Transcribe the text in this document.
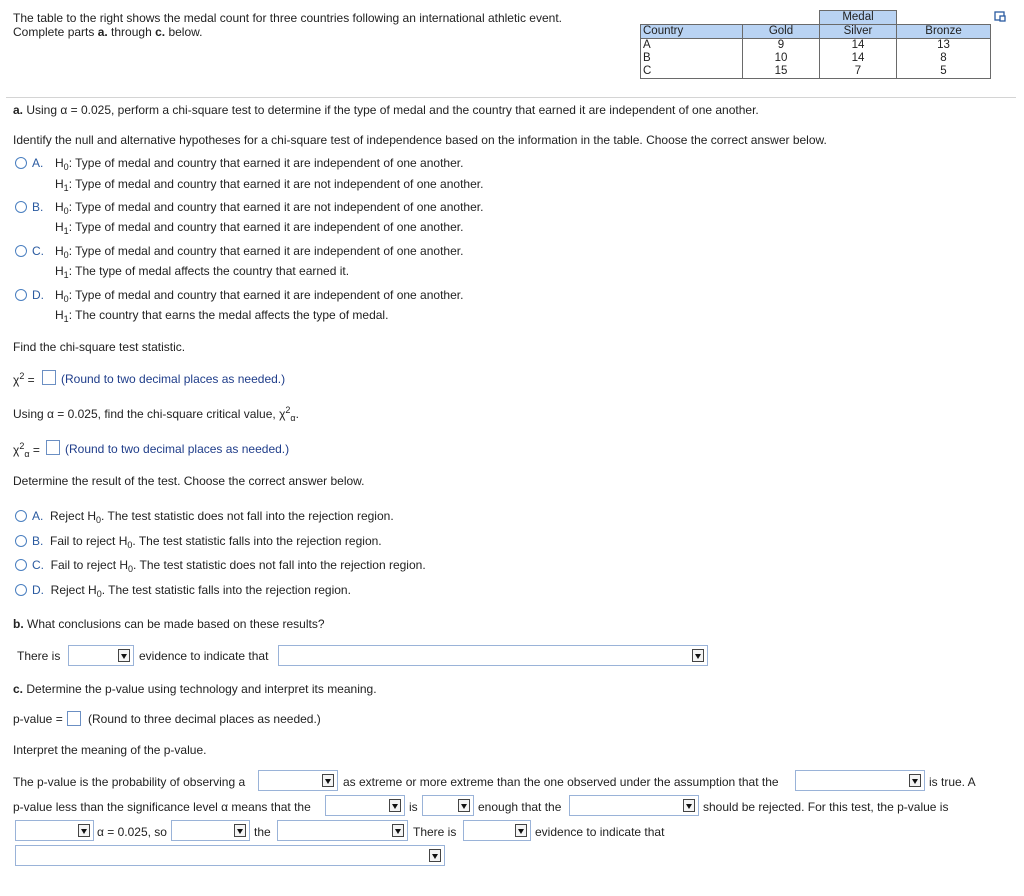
The table to the right shows the medal count for three countries following an international athletic event.
Complete parts a. through c. below.
		Medal	
Country	Gold	Silver	Bronze
A	9	14	13
B	10	14	8
C	15	7	5
a. Using α = 0.025, perform a chi-square test to determine if the type of medal and the country that earned it are independent of one another.
Identify the null and alternative hypotheses for a chi-square test of independence based on the information in the table. Choose the correct answer below.
A. $H_0$: Type of medal and country that earned it are independent of one another.
$H_1$: Type of medal and country that earned it are not independent of one another.
B. $H_0$: Type of medal and country that earned it are not independent of one another.
$H_1$: Type of medal and country that earned it are independent of one another.
C. $H_0$: Type of medal and country that earned it are independent of one another.
$H_1$: The type of medal affects the country that earned it.
D. $H_0$: Type of medal and country that earned it are independent of one another.
$H_1$: The country that earns the medal affects the type of medal.
Find the chi-square test statistic.
$\chi^2$ = (Round to two decimal places as needed.)
Using α = 0.025, find the chi-square critical value, $\chi^2_\alpha$.
$\chi^2_\alpha$ = (Round to two decimal places as needed.)
Determine the result of the test. Choose the correct answer below.
A. Reject $H_0$. The test statistic does not fall into the rejection region.
B. Fail to reject $H_0$. The test statistic falls into the rejection region.
C. Fail to reject $H_0$. The test statistic does not fall into the rejection region.
D. Reject $H_0$. The test statistic falls into the rejection region.
b. What conclusions can be made based on these results?
There is	evidence to indicate that
c. Determine the p-value using technology and interpret its meaning.
p-value = (Round to three decimal places as needed.)
Interpret the meaning of the p-value.
The p-value is the probability of observing a	as extreme or more extreme than the one observed under the assumption that the	is true. A
p-value less than the significance level α means that the	is	enough that the	should be rejected. For this test, the p-value is
α = 0.025, so	the	There is	evidence to indicate that
